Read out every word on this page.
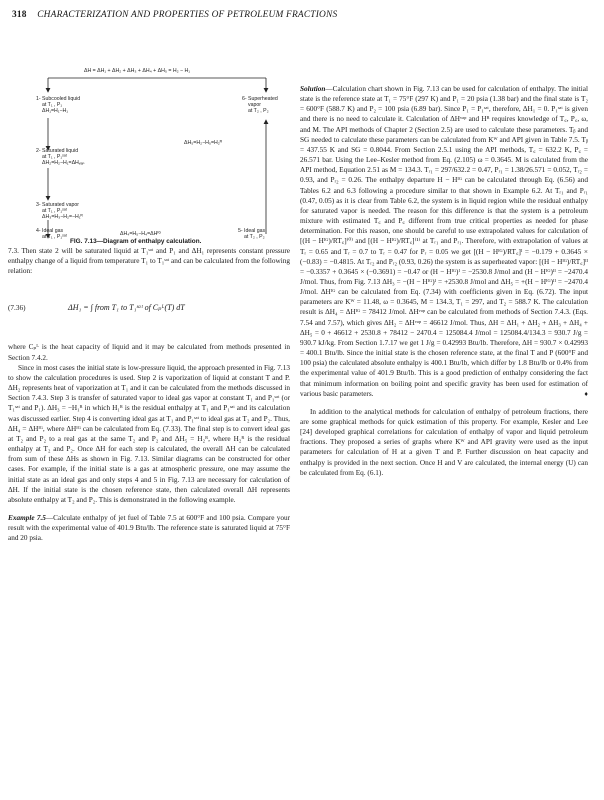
318 CHARACTERIZATION AND PROPERTIES OF PETROLEUM FRACTIONS
ΔH = ΔH₁ + ΔH₂ + ΔH₃ + ΔH₄ + ΔH₅ = H₂ − H₁
1- Subcooled liquid
at T₁ , P₁
ΔH₁=H₁−H₁
2- Saturated liquid
at T₁ , P₁ˢᵃᵗ
ΔH₂=H₂−H₁=ΔHᵥₐₚ
3- Saturated vapor
at T₁ , P₁ˢᵃᵗ
ΔH₃=H₃−H₂=−H₁ᴿ
6- Superheated
vapor
at T₂ , P₂
ΔH₅=H₂−H₅=H₂ᴿ
4- Ideal gas
at T₁ , P₁ˢᵃᵗ
5- Ideal gas
at T₂ , P₂
ΔH₄=H₅−H₄=ΔHᴵᴳ
FIG. 7.13—Diagram of enthalpy calculation.

7.3. Then state 2 will be saturated liquid at T₁ˢᵃᵗ and P₁ and ΔH₁ represents constant pressure enthalpy change of a liquid from temperature T₁ to T₁ˢᵃᵗ and can be calculated from the following relation:

(7.36)	ΔH₁ = ∫ from T₁ to T₁ˢᵃᵗ of Cₚᴸ(T) dT

where Cₚᴸ is the heat capacity of liquid and it may be calculated from methods presented in Section 7.4.2.

Since in most cases the initial state is low-pressure liquid, the approach presented in Fig. 7.13 to show the calculation procedures is used. Step 2 is vaporization of liquid at constant T and P. ΔH₂ represents heat of vaporization at T₁ and it can be calculated from the methods discussed in Section 7.4.3. Step 3 is transfer of saturated vapor to ideal gas vapor at constant T₁ and P₁ˢᵃᵗ (or T₁ˢᵃᵗ and P₁). ΔH₃ = −H₁ᴿ in which H₁ᴿ is the residual enthalpy at T₁ and P₁ˢᵃᵗ and its calculation was discussed earlier. Step 4 is converting ideal gas at T₁ and P₁ˢᵃᵗ to ideal gas at T₂ and P₂. Thus, ΔH₄ = ΔHᴵᴳ, where ΔHᴵᴳ can be calculated from Eq. (7.33). The final step is to convert ideal gas at T₂ and P₂ to a real gas at the same T₂ and P₂ and ΔH₅ = H₂ᴿ, where H₂ᴿ is the residual enthalpy at T₂ and P₂. Once ΔH for each step is calculated, the overall ΔH can be calculated from sum of these ΔHs as shown in Fig. 7.13. Similar diagrams can be constructed for other cases. For example, if the initial state is a gas at atmospheric pressure, one may assume the initial state as an ideal gas and only steps 4 and 5 in Fig. 7.13 are necessary for calculation of ΔH. If the initial state is the chosen reference state, then calculated overall ΔH represents absolute enthalpy at T₂ and P₂. This is demonstrated in the following example.

Example 7.5—Calculate enthalpy of jet fuel of Table 7.5 at 600°F and 100 psia. Compare your result with the experimental value of 401.9 Btu/lb. The reference state is saturated liquid at 75°F and 20 psia.

Solution—Calculation chart shown in Fig. 7.13 can be used for calculation of enthalpy. The initial state is the reference state at T₁ = 75°F (297 K) and P₁ = 20 psia (1.38 bar) and the final state is T₂ = 600°F (588.7 K) and P₂ = 100 psia (6.89 bar). Since P₁ = P₁ˢᵃᵗ, therefore, ΔH₁ = 0. P₁ˢᵃᵗ is given and there is no need to calculate it. Calculation of ΔHᵛᵃᵖ and Hᴿ requires knowledge of T꜀, P꜀, ω, and M. The API methods of Chapter 2 (Section 2.5) are used to calculate these parameters. Tᵦ and SG needed to calculate these parameters can be calculated from Kᵂ and API given in Table 7.5. Tᵦ = 437.55 K and SG = 0.8044. From Section 2.5.1 using the API methods, T꜀ = 632.2 K, P꜀ = 26.571 bar. Using the Lee–Kesler method from Eq. (2.105) ω = 0.3645. M is calculated from the API method, Equation 2.51 as M = 134.3. Tᵣ₁ = 297/632.2 = 0.47, Pᵣ₁ = 1.38/26.571 = 0.052, Tᵣ₂ = 0.93, and Pᵣ₂ = 0.26. The enthalpy departure H − Hᴵᴳ can be calculated through Eq. (6.56) and Tables 6.2 and 6.3 following a procedure similar to that shown in Example 6.2. At Tᵣ₁ and Pᵣ₁ (0.47, 0.05) as it is clear from Table 6.2, the system is in liquid region while the residual enthalpy for saturated vapor is needed. The reason for this difference is that the system is a petroleum mixture with estimated T꜀ and P꜀ different from true critical properties as needed for phase determination. For this reason, one should be careful to use extrapolated values for calculation of [(H − Hᴵᴳ)/RT꜀]⁽⁰⁾ and [(H − Hᴵᴳ)/RT꜀]⁽¹⁾ at Tᵣ₁ and Pᵣ₁. Therefore, with extrapolation of values at Tᵣ = 0.65 and Tᵣ = 0.7 to Tᵣ = 0.47 for Pᵣ = 0.05 we get [(H − Hᴵᴳ)/RT꜀]ᴵ = −0.179 + 0.3645 × (−0.83) = −0.4815. At Tᵣ₂ and Pᵣ₂ (0.93, 0.26) the system is as superheated vapor: [(H − Hᴵᴳ)/RT꜀]ᴵᴵ = −0.3357 + 0.3645 × (−0.3691) = −0.47 or (H − Hᴵᴳ)ᴵ = −2530.8 J/mol and (H − Hᴵᴳ)ᴵᴵ = −2470.4 J/mol. Thus, from Fig. 7.13 ΔH₃ = −(H − Hᴵᴳ)ᴵ = +2530.8 J/mol and ΔH₅ = +(H − Hᴵᴳ)ᴵᴵ = −2470.4 J/mol. ΔHᴵᴳ can be calculated from Eq. (7.34) with coefficients given in Eq. (6.72). The input parameters are Kᵂ = 11.48, ω = 0.3645, M = 134.3, T₁ = 297, and T₂ = 588.7 K. The calculation result is ΔH₄ = ΔHᴵᴳ = 78412 J/mol. ΔHᵛᵃᵖ can be calculated from methods of Section 7.4.3. (Eqs. 7.54 and 7.57), which gives ΔH₂ = ΔHᵛᵃᵖ = 46612 J/mol. Thus, ΔH = ΔH₁ + ΔH₂ + ΔH₃ + ΔH₄ + ΔH₅ = 0 + 46612 + 2530.8 + 78412 − 2470.4 = 125084.4 J/mol = 125084.4/134.3 = 930.7 J/g = 930.7 kJ/kg. From Section 1.7.17 we get 1 J/g = 0.42993 Btu/lb. Therefore, ΔH = 930.7 × 0.42993 = 400.1 Btu/lb. Since the initial state is the chosen reference state, at the final T and P (600°F and 100 psia) the calculated absolute enthalpy is 400.1 Btu/lb, which differ by 1.8 Btu/lb or 0.4% from the experimental value of 401.9 Btu/lb. This is a good prediction of enthalpy considering the fact that minimum information on boiling point and specific gravity has been used for estimation of various basic parameters.	♦

In addition to the analytical methods for calculation of enthalpy of petroleum fractions, there are some graphical methods for quick estimation of this property. For example, Kesler and Lee [24] developed graphical correlations for calculation of enthalpy of vapor and liquid petroleum fractions. They proposed a series of graphs where Kᵂ and API gravity were used as the input parameters for calculation of H at a given T and P. Further discussion on heat capacity and enthalpy is provided in the next section. Once H and V are calculated, the internal energy (U) can be calculated from Eq. (6.1).
